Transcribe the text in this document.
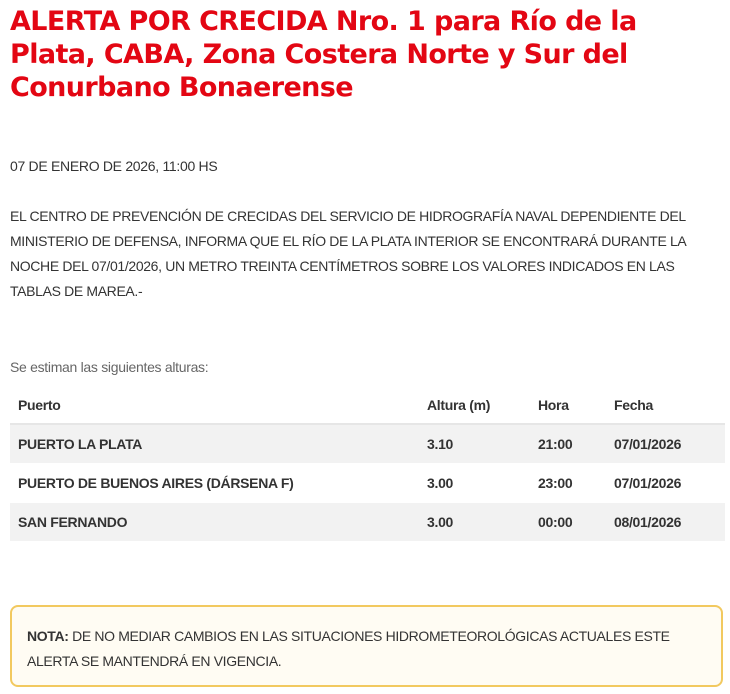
ALERTA POR CRECIDA Nro. 1 para Río de la Plata, CABA, Zona Costera Norte y Sur del Conurbano Bonaerense

07 DE ENERO DE 2026, 11:00 HS

EL CENTRO DE PREVENCIÓN DE CRECIDAS DEL SERVICIO DE HIDROGRAFÍA NAVAL DEPENDIENTE DEL MINISTERIO DE DEFENSA, INFORMA QUE EL RÍO DE LA PLATA INTERIOR SE ENCONTRARÁ DURANTE LA NOCHE DEL 07/01/2026, UN METRO TREINTA CENTÍMETROS SOBRE LOS VALORES INDICADOS EN LAS TABLAS DE MAREA.-

Se estiman las siguientes alturas:

Puerto	Altura (m)	Hora	Fecha
PUERTO LA PLATA	3.10	21:00	07/01/2026
PUERTO DE BUENOS AIRES (DÁRSENA F)	3.00	23:00	07/01/2026
SAN FERNANDO	3.00	00:00	08/01/2026
NOTA: DE NO MEDIAR CAMBIOS EN LAS SITUACIONES HIDROMETEOROLÓGICAS ACTUALES ESTE ALERTA SE MANTENDRÁ EN VIGENCIA.
